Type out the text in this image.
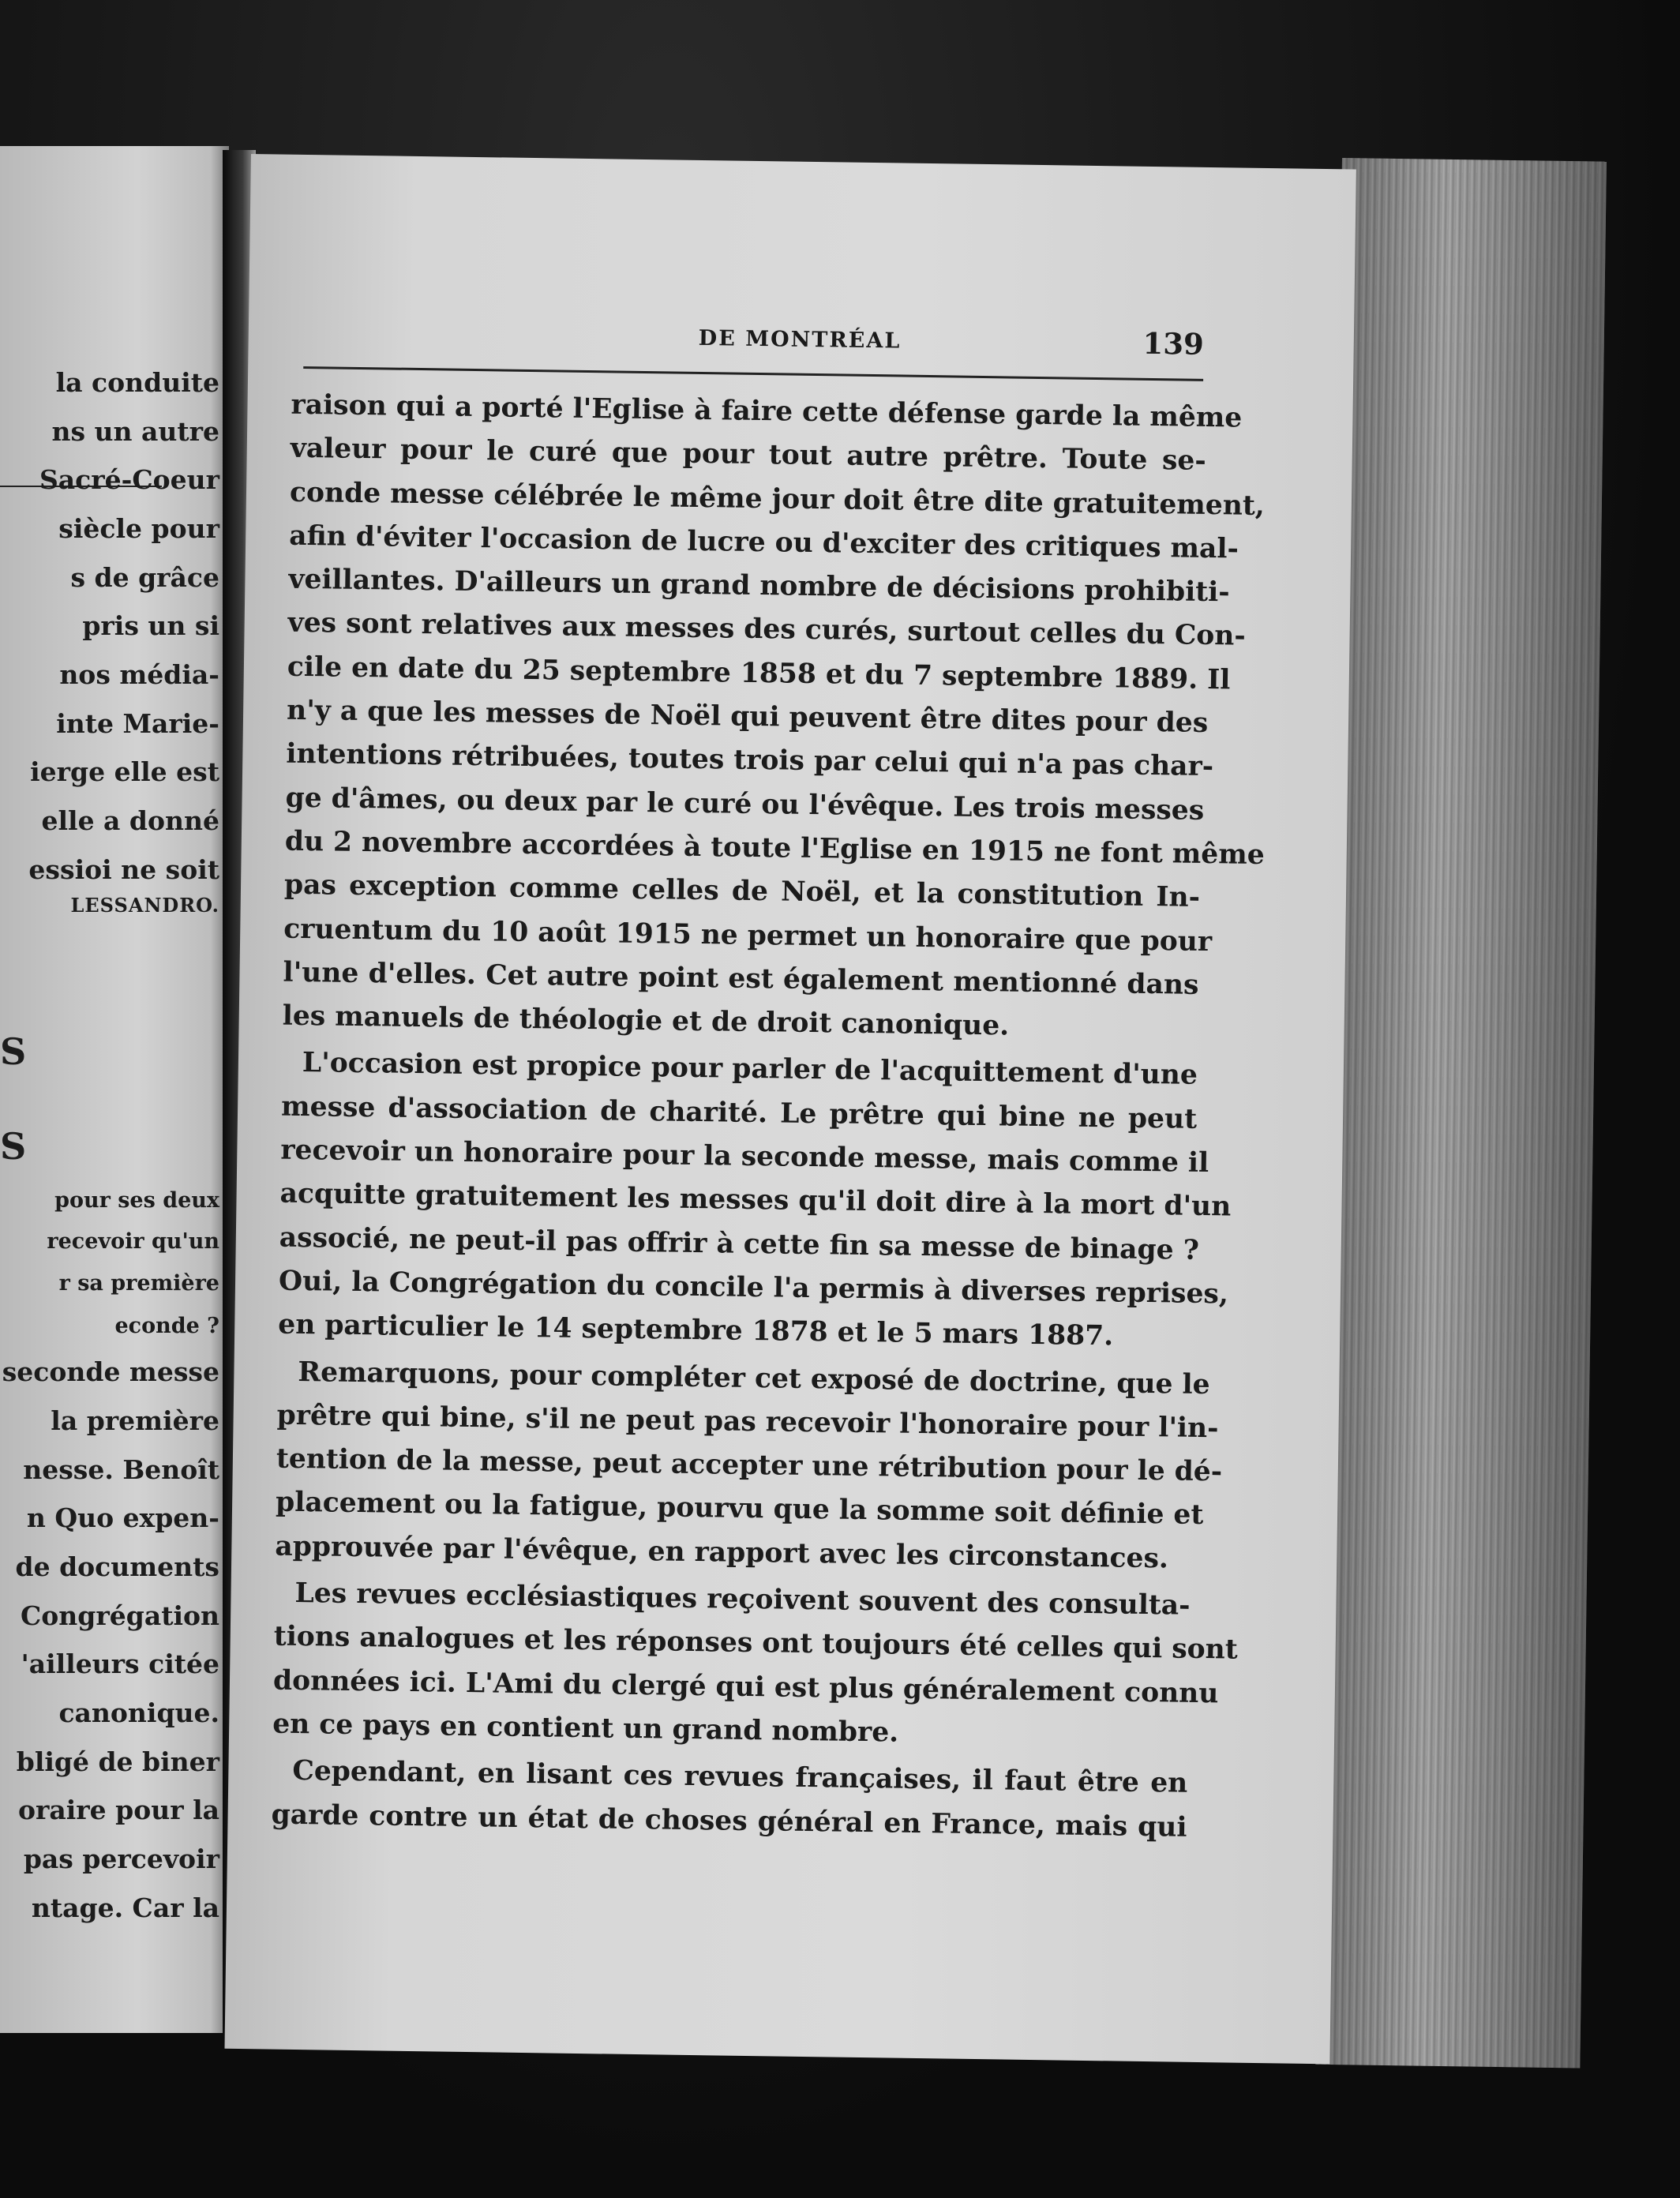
la conduite
ns un autre
Sacré-Coeur
siècle pour
s de grâce
pris un si
nos média-
inte Marie-
ierge elle est
elle a donné
essioi ne soit
LESSANDRO.
S
S
pour ses deux
recevoir qu'un
r sa première
econde ?
seconde messe
la première
nesse. Benoît
n Quo expen-
de documents
Congrégation
'ailleurs citée
canonique.
bligé de biner
oraire pour la
pas percevoir
ntage. Car la
DE MONTRÉAL	139
raison qui a porté l'Eglise à faire cette défense garde la même
valeur pour le curé que pour tout autre prêtre. Toute se-
conde messe célébrée le même jour doit être dite gratuitement,
afin d'éviter l'occasion de lucre ou d'exciter des critiques mal-
veillantes. D'ailleurs un grand nombre de décisions prohibiti-
ves sont relatives aux messes des curés, surtout celles du Con-
cile en date du 25 septembre 1858 et du 7 septembre 1889. Il
n'y a que les messes de Noël qui peuvent être dites pour des
intentions rétribuées, toutes trois par celui qui n'a pas char-
ge d'âmes, ou deux par le curé ou l'évêque. Les trois messes
du 2 novembre accordées à toute l'Eglise en 1915 ne font même
pas exception comme celles de Noël, et la constitution In-
cruentum du 10 août 1915 ne permet un honoraire que pour
l'une d'elles. Cet autre point est également mentionné dans
les manuels de théologie et de droit canonique.
L'occasion est propice pour parler de l'acquittement d'une
messe d'association de charité. Le prêtre qui bine ne peut
recevoir un honoraire pour la seconde messe, mais comme il
acquitte gratuitement les messes qu'il doit dire à la mort d'un
associé, ne peut-il pas offrir à cette fin sa messe de binage ?
Oui, la Congrégation du concile l'a permis à diverses reprises,
en particulier le 14 septembre 1878 et le 5 mars 1887.
Remarquons, pour compléter cet exposé de doctrine, que le
prêtre qui bine, s'il ne peut pas recevoir l'honoraire pour l'in-
tention de la messe, peut accepter une rétribution pour le dé-
placement ou la fatigue, pourvu que la somme soit définie et
approuvée par l'évêque, en rapport avec les circonstances.
Les revues ecclésiastiques reçoivent souvent des consulta-
tions analogues et les réponses ont toujours été celles qui sont
données ici. L'Ami du clergé qui est plus généralement connu
en ce pays en contient un grand nombre.
Cependant, en lisant ces revues françaises, il faut être en
garde contre un état de choses général en France, mais qui
